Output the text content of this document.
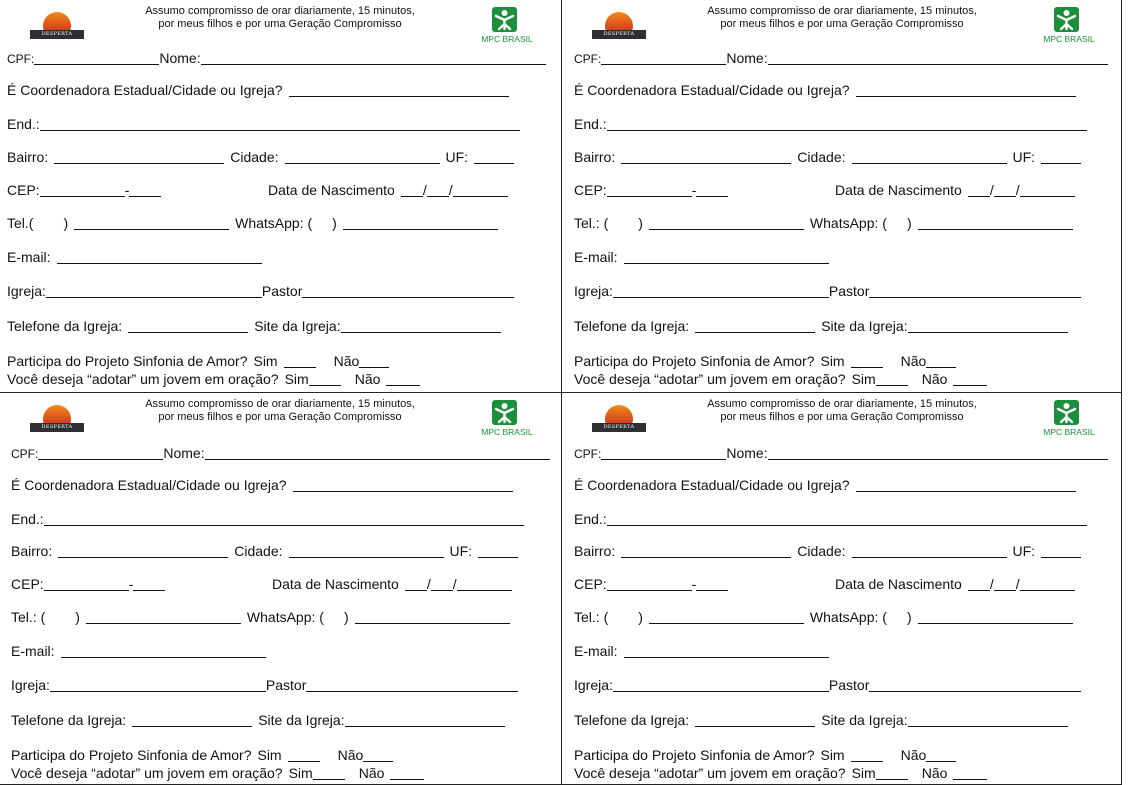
DESPERTA DÉBORA
Assumo compromisso de orar diariamente, 15 minutos,
por meus filhos e por uma Geração Compromisso
MPC BRASIL
CPF:	Nome:
É Coordenadora Estadual/Cidade ou Igreja?
End.:
Bairro:	Cidade:	UF:
CEP:	-	Data de Nascimento / /
Tel.( )	WhatsApp: ( )
E-mail:
Igreja:	Pastor
Telefone da Igreja:	Site da Igreja:
Participa do Projeto Sinfonia de Amor? Sim	Não
Você deseja “adotar” um jovem em oração? Sim	Não
DESPERTA DÉBORA
Assumo compromisso de orar diariamente, 15 minutos,
por meus filhos e por uma Geração Compromisso
MPC BRASIL
CPF:	Nome:
É Coordenadora Estadual/Cidade ou Igreja?
End.:
Bairro:	Cidade:	UF:
CEP:	-	Data de Nascimento / /
Tel.: ( )	WhatsApp: ( )
E-mail:
Igreja:	Pastor
Telefone da Igreja:	Site da Igreja:
Participa do Projeto Sinfonia de Amor? Sim	Não
Você deseja “adotar” um jovem em oração? Sim	Não
DESPERTA DÉBORA
Assumo compromisso de orar diariamente, 15 minutos,
por meus filhos e por uma Geração Compromisso
MPC BRASIL
CPF:	Nome:
É Coordenadora Estadual/Cidade ou Igreja?
End.:
Bairro:	Cidade:	UF:
CEP:	-	Data de Nascimento / /
Tel.: ( )	WhatsApp: ( )
E-mail:
Igreja:	Pastor
Telefone da Igreja:	Site da Igreja:
Participa do Projeto Sinfonia de Amor? Sim	Não
Você deseja “adotar” um jovem em oração? Sim	Não
DESPERTA DÉBORA
Assumo compromisso de orar diariamente, 15 minutos,
por meus filhos e por uma Geração Compromisso
MPC BRASIL
CPF:	Nome:
É Coordenadora Estadual/Cidade ou Igreja?
End.:
Bairro:	Cidade:	UF:
CEP:	-	Data de Nascimento / /
Tel.: ( )	WhatsApp: ( )
E-mail:
Igreja:	Pastor
Telefone da Igreja:	Site da Igreja:
Participa do Projeto Sinfonia de Amor? Sim	Não
Você deseja “adotar” um jovem em oração? Sim	Não
